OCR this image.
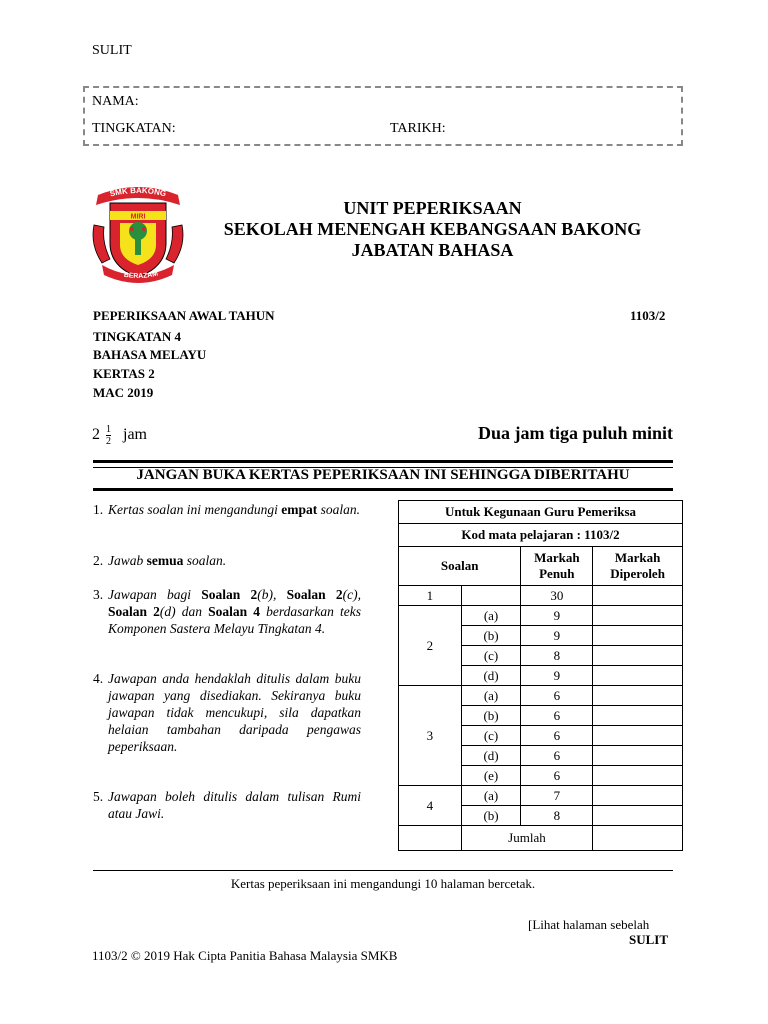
SULIT
NAMA:
TINGKATAN:	TARIKH:
SMK BAKONG
MIRI
BERAZAM
UNIT PEPERIKSAAN
SEKOLAH MENENGAH KEBANGSAAN BAKONG
JABATAN BAHASA
PEPERIKSAAN AWAL TAHUN	1103/2
TINGKATAN 4
BAHASA MELAYU
KERTAS 2
MAC 2019
$2 \frac{1}{2}$ jam	Dua jam tiga puluh minit
JANGAN BUKA KERTAS PEPERIKSAAN INI SEHINGGA DIBERITAHU
1. Kertas soalan ini mengandungi empat soalan.
2. Jawab semua soalan.
3. Jawapan bagi Soalan 2(b), Soalan 2(c), Soalan 2(d) dan Soalan 4 berdasarkan teks Komponen Sastera Melayu Tingkatan 4.
4. Jawapan anda hendaklah ditulis dalam buku jawapan yang disediakan. Sekiranya buku jawapan tidak mencukupi, sila dapatkan helaian tambahan daripada pengawas peperiksaan.
5. Jawapan boleh ditulis dalam tulisan Rumi atau Jawi.
Untuk Kegunaan Guru Pemeriksa			
Kod mata pelajaran : 1103/2			
Soalan		Markah Penuh	Markah Diperoleh
1		30	
2	(a)	9	
	(b)	9	
	(c)	8	
	(d)	9	
3	(a)	6	
	(b)	6	
	(c)	6	
	(d)	6	
	(e)	6	
4	(a)	7	
	(b)	8	
	Jumlah		
Kertas peperiksaan ini mengandungi 10 halaman bercetak.
[Lihat halaman sebelah
SULIT
1103/2 © 2019 Hak Cipta Panitia Bahasa Malaysia SMKB
